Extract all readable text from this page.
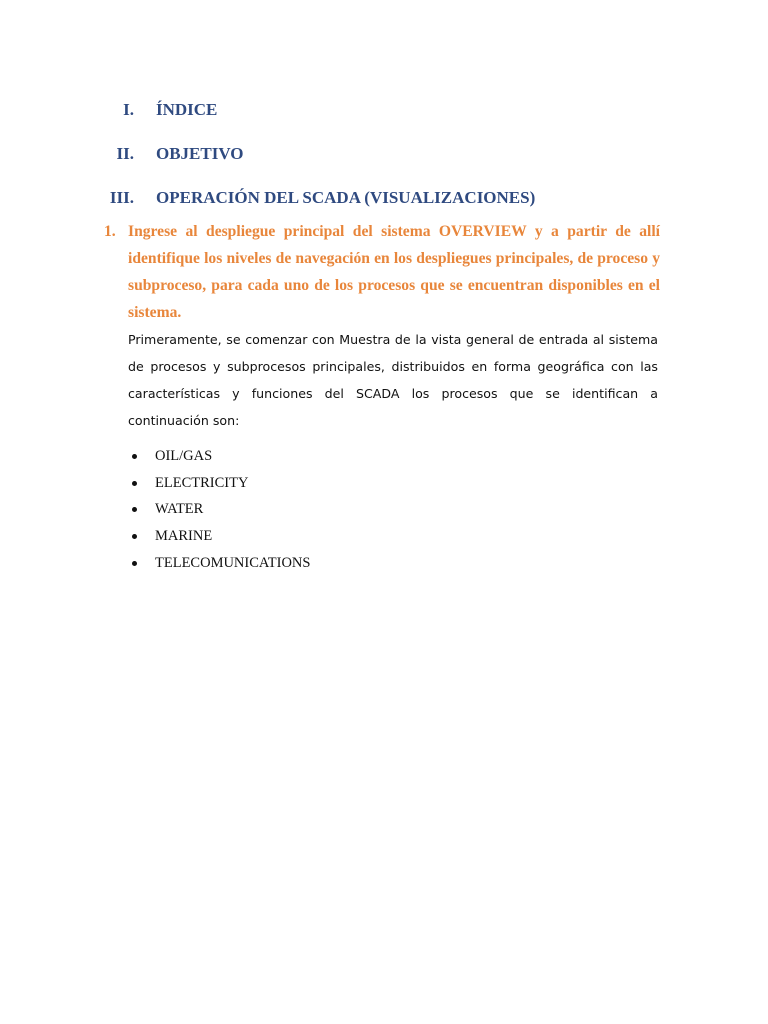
I. ÍNDICE
II. OBJETIVO
III. OPERACIÓN DEL SCADA (VISUALIZACIONES)
1. Ingrese al despliegue principal del sistema OVERVIEW y a partir de allí identifique los niveles de navegación en los despliegues principales, de proceso y subproceso, para cada uno de los procesos que se encuentran disponibles en el sistema.
Primeramente, se comenzar con Muestra de la vista general de entrada al sistema de procesos y subprocesos principales, distribuidos en forma geográfica con las características y funciones del SCADA los procesos que se identifican a continuación son:
OIL/GAS
ELECTRICITY
WATER
MARINE
TELECOMUNICATIONS
